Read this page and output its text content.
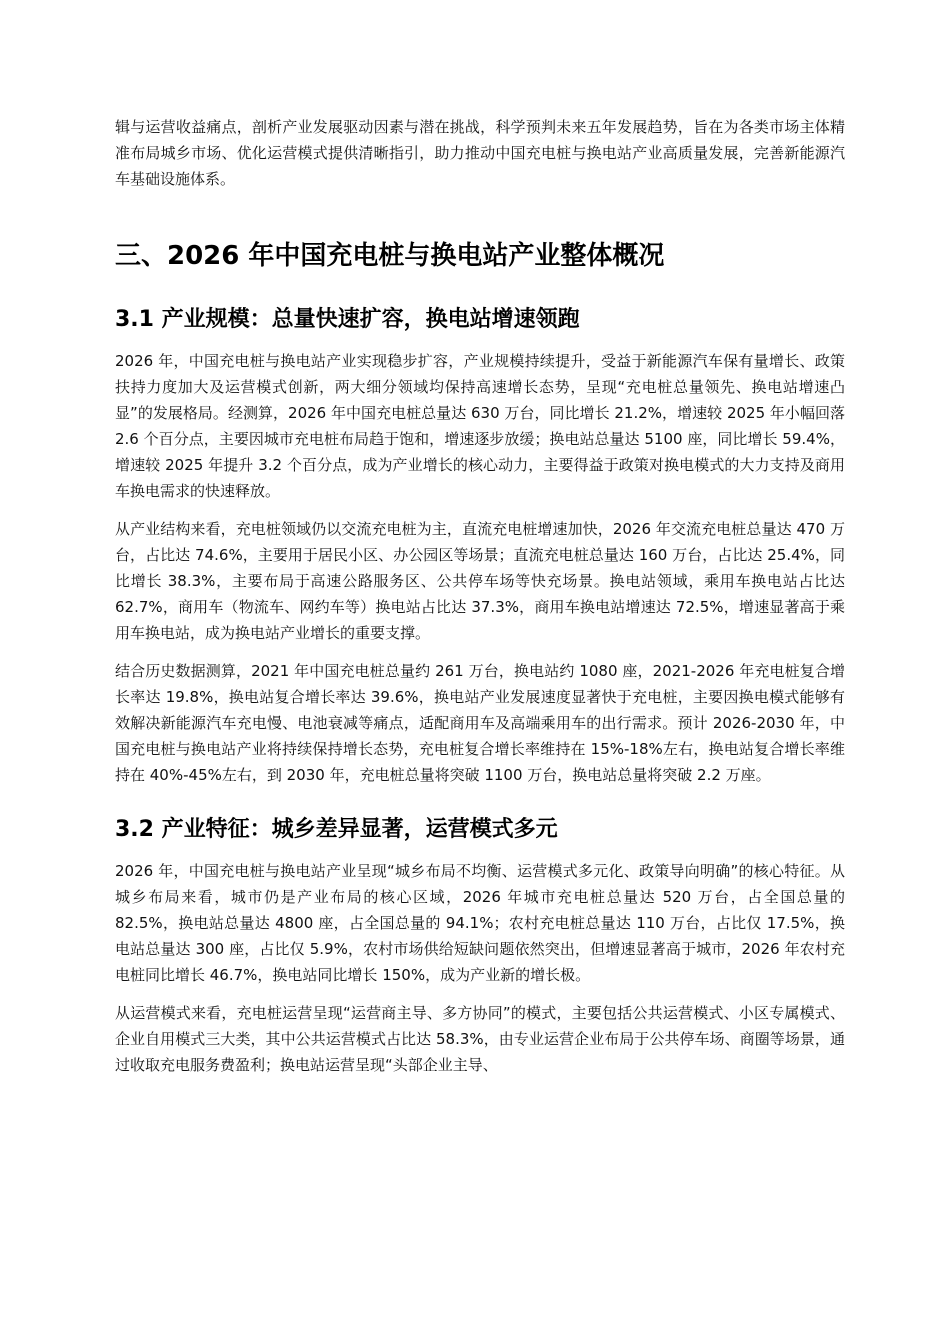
辑与运营收益痛点，剖析产业发展驱动因素与潜在挑战，科学预判未来五年发展趋势，旨在为各类市场主体精准布局城乡市场、优化运营模式提供清晰指引，助力推动中国充电桩与换电站产业高质量发展，完善新能源汽车基础设施体系。

三、2026 年中国充电桩与换电站产业整体概况
3.1 产业规模：总量快速扩容，换电站增速领跑

2026 年，中国充电桩与换电站产业实现稳步扩容，产业规模持续提升，受益于新能源汽车保有量增长、政策扶持力度加大及运营模式创新，两大细分领域均保持高速增长态势，呈现“充电桩总量领先、换电站增速凸显”的发展格局。经测算，2026 年中国充电桩总量达 630 万台，同比增长 21.2%，增速较 2025 年小幅回落 2.6 个百分点，主要因城市充电桩布局趋于饱和，增速逐步放缓；换电站总量达 5100 座，同比增长 59.4%，增速较 2025 年提升 3.2 个百分点，成为产业增长的核心动力，主要得益于政策对换电模式的大力支持及商用车换电需求的快速释放。

从产业结构来看，充电桩领域仍以交流充电桩为主，直流充电桩增速加快，2026 年交流充电桩总量达 470 万台，占比达 74.6%，主要用于居民小区、办公园区等场景；直流充电桩总量达 160 万台，占比达 25.4%，同比增长 38.3%，主要布局于高速公路服务区、公共停车场等快充场景。换电站领域，乘用车换电站占比达 62.7%，商用车（物流车、网约车等）换电站占比达 37.3%，商用车换电站增速达 72.5%，增速显著高于乘用车换电站，成为换电站产业增长的重要支撑。

结合历史数据测算，2021 年中国充电桩总量约 261 万台，换电站约 1080 座，2021-2026 年充电桩复合增长率达 19.8%，换电站复合增长率达 39.6%，换电站产业发展速度显著快于充电桩，主要因换电模式能够有效解决新能源汽车充电慢、电池衰减等痛点，适配商用车及高端乘用车的出行需求。预计 2026-2030 年，中国充电桩与换电站产业将持续保持增长态势，充电桩复合增长率维持在 15%-18%左右，换电站复合增长率维持在 40%-45%左右，到 2030 年，充电桩总量将突破 1100 万台，换电站总量将突破 2.2 万座。

3.2 产业特征：城乡差异显著，运营模式多元

2026 年，中国充电桩与换电站产业呈现“城乡布局不均衡、运营模式多元化、政策导向明确”的核心特征。从城乡布局来看，城市仍是产业布局的核心区域，2026 年城市充电桩总量达 520 万台，占全国总量的 82.5%，换电站总量达 4800 座，占全国总量的 94.1%；农村充电桩总量达 110 万台，占比仅 17.5%，换电站总量达 300 座，占比仅 5.9%，农村市场供给短缺问题依然突出，但增速显著高于城市，2026 年农村充电桩同比增长 46.7%，换电站同比增长 150%，成为产业新的增长极。

从运营模式来看，充电桩运营呈现“运营商主导、多方协同”的模式，主要包括公共运营模式、小区专属模式、企业自用模式三大类，其中公共运营模式占比达 58.3%，由专业运营企业布局于公共停车场、商圈等场景，通过收取充电服务费盈利；换电站运营呈现“头部企业主导、
